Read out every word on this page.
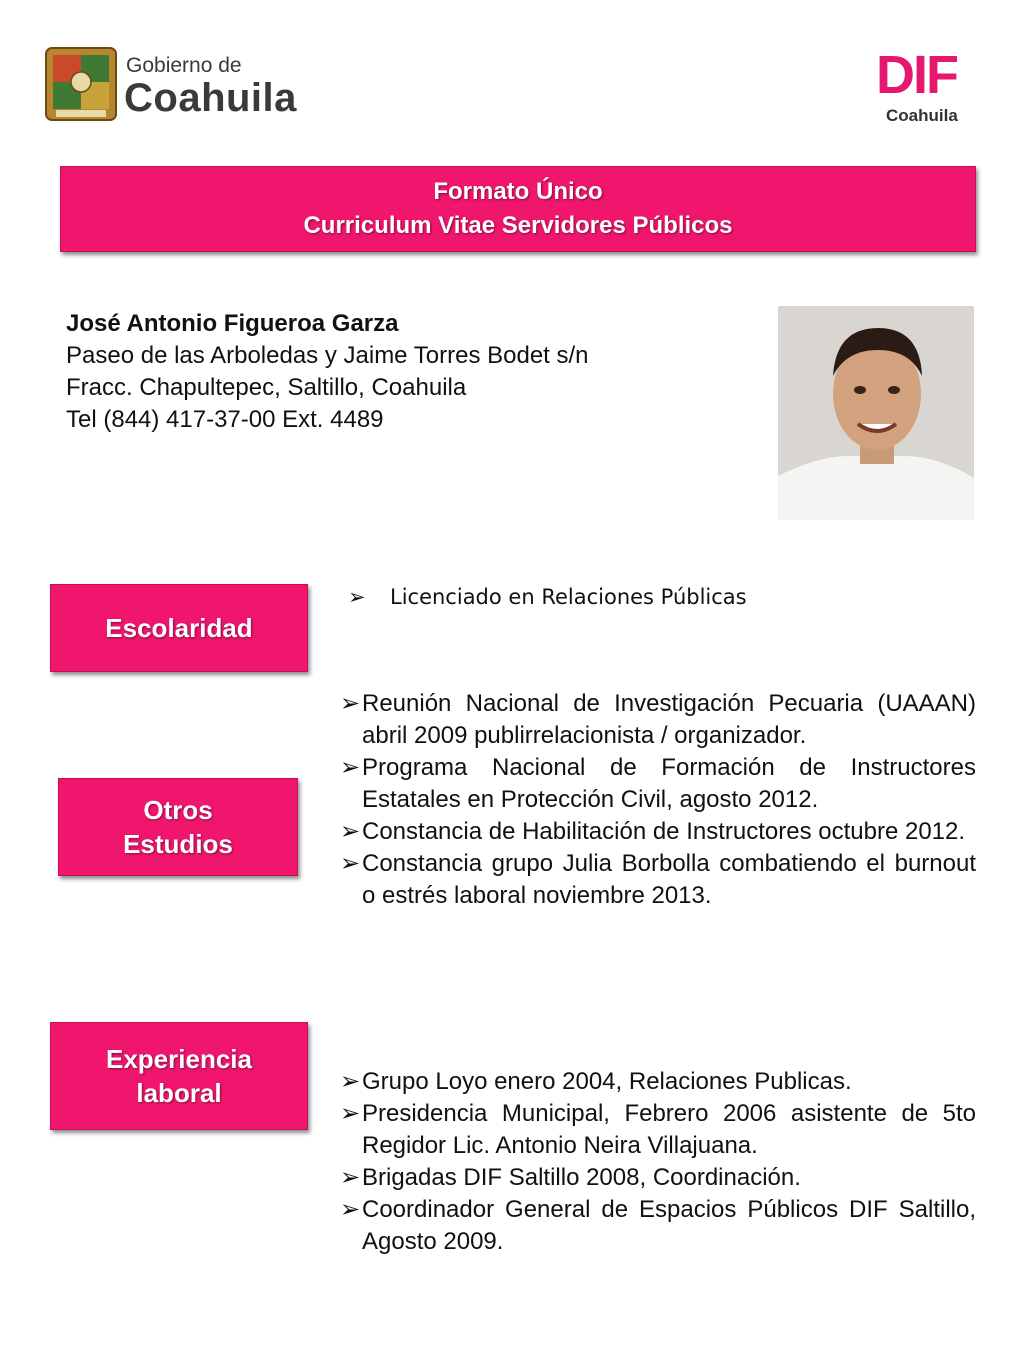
Gobierno de
Coahuila	DIF
Coahuila
Formato Único
Curriculum Vitae Servidores Públicos
José Antonio Figueroa Garza
Paseo de las Arboledas y Jaime Torres Bodet s/n
Fracc. Chapultepec, Saltillo, Coahuila
Tel (844) 417-37-00 Ext. 4489
Escolaridad
➢ Licenciado en Relaciones Públicas
Otros
Estudios
➢ Reunión Nacional de Investigación Pecuaria (UAAAN) abril 2009 publirrelacionista / organizador.
➢ Programa Nacional de Formación de Instructores Estatales en Protección Civil, agosto 2012.
➢ Constancia de Habilitación de Instructores octubre 2012.
➢ Constancia grupo Julia Borbolla combatiendo el burnout o estrés laboral noviembre 2013.
Experiencia
laboral	➢ Grupo Loyo enero 2004, Relaciones Publicas.
➢ Presidencia Municipal, Febrero 2006 asistente de 5to Regidor Lic. Antonio Neira Villajuana.
➢ Brigadas DIF Saltillo 2008, Coordinación.
➢ Coordinador General de Espacios Públicos DIF Saltillo, Agosto 2009.
